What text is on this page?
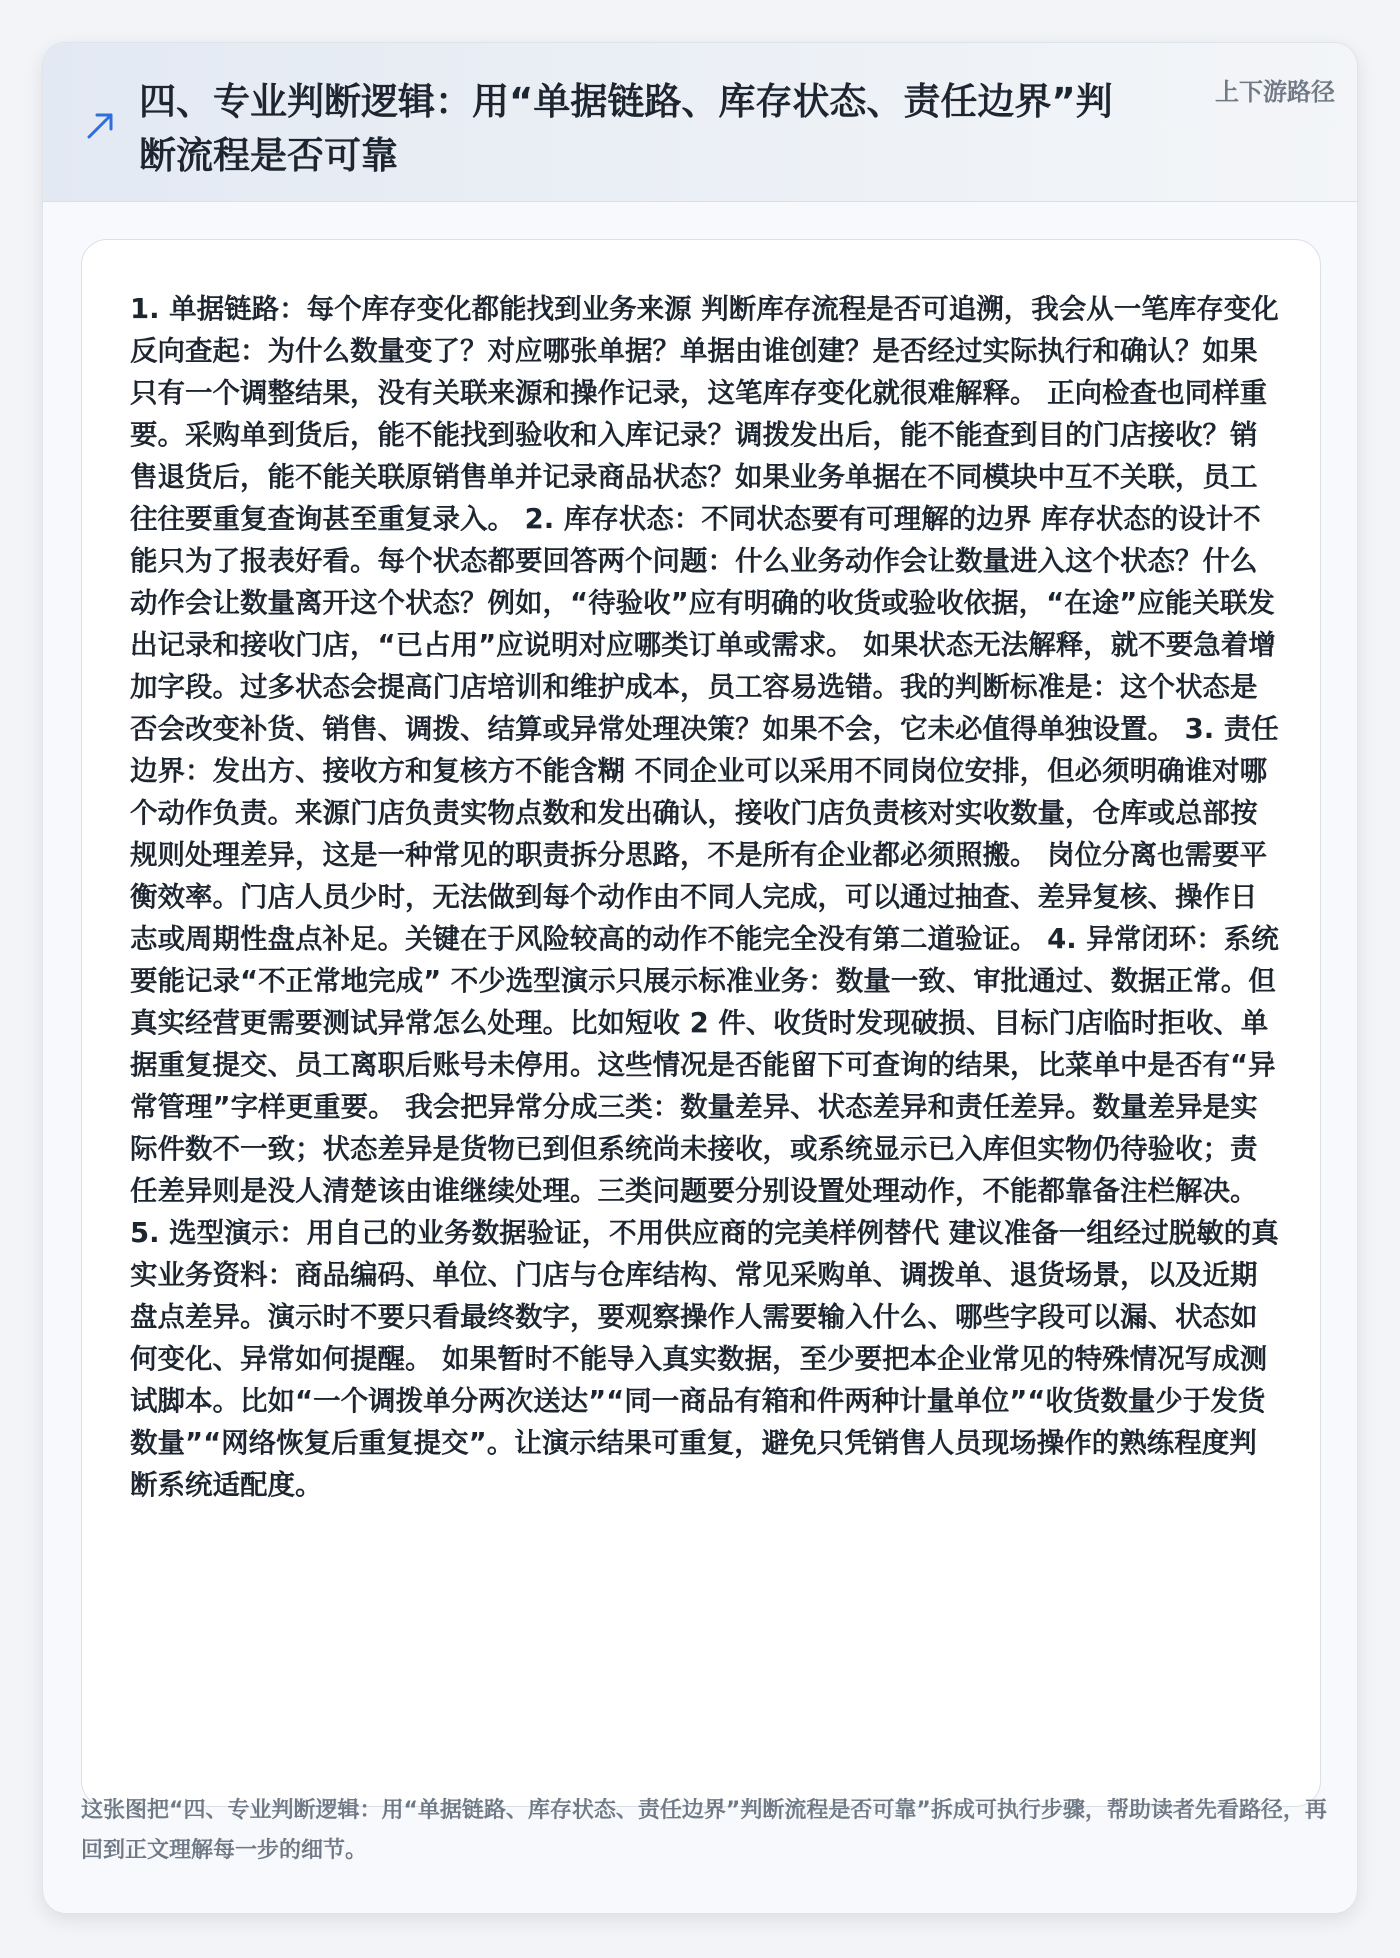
四、专业判断逻辑：用“单据链路、库存状态、责任边界”判断流程是否可靠
上下游路径

1. 单据链路：每个库存变化都能找到业务来源 判断库存流程是否可追溯，我会从一笔库存变化反向查起：为什么数量变了？对应哪张单据？单据由谁创建？是否经过实际执行和确认？如果只有一个调整结果，没有关联来源和操作记录，这笔库存变化就很难解释。 正向检查也同样重要。采购单到货后，能不能找到验收和入库记录？调拨发出后，能不能查到目的门店接收？销售退货后，能不能关联原销售单并记录商品状态？如果业务单据在不同模块中互不关联，员工往往要重复查询甚至重复录入。 2. 库存状态：不同状态要有可理解的边界 库存状态的设计不能只为了报表好看。每个状态都要回答两个问题：什么业务动作会让数量进入这个状态？什么动作会让数量离开这个状态？例如，“待验收”应有明确的收货或验收依据，“在途”应能关联发出记录和接收门店，“已占用”应说明对应哪类订单或需求。 如果状态无法解释，就不要急着增加字段。过多状态会提高门店培训和维护成本，员工容易选错。我的判断标准是：这个状态是否会改变补货、销售、调拨、结算或异常处理决策？如果不会，它未必值得单独设置。 3. 责任边界：发出方、接收方和复核方不能含糊 不同企业可以采用不同岗位安排，但必须明确谁对哪个动作负责。来源门店负责实物点数和发出确认，接收门店负责核对实收数量，仓库或总部按规则处理差异，这是一种常见的职责拆分思路，不是所有企业都必须照搬。 岗位分离也需要平衡效率。门店人员少时，无法做到每个动作由不同人完成，可以通过抽查、差异复核、操作日志或周期性盘点补足。关键在于风险较高的动作不能完全没有第二道验证。 4. 异常闭环：系统要能记录“不正常地完成” 不少选型演示只展示标准业务：数量一致、审批通过、数据正常。但真实经营更需要测试异常怎么处理。比如短收 2 件、收货时发现破损、目标门店临时拒收、单据重复提交、员工离职后账号未停用。这些情况是否能留下可查询的结果，比菜单中是否有“异常管理”字样更重要。 我会把异常分成三类：数量差异、状态差异和责任差异。数量差异是实际件数不一致；状态差异是货物已到但系统尚未接收，或系统显示已入库但实物仍待验收；责任差异则是没人清楚该由谁继续处理。三类问题要分别设置处理动作，不能都靠备注栏解决。 5. 选型演示：用自己的业务数据验证，不用供应商的完美样例替代 建议准备一组经过脱敏的真实业务资料：商品编码、单位、门店与仓库结构、常见采购单、调拨单、退货场景，以及近期盘点差异。演示时不要只看最终数字，要观察操作人需要输入什么、哪些字段可以漏、状态如何变化、异常如何提醒。 如果暂时不能导入真实数据，至少要把本企业常见的特殊情况写成测试脚本。比如“一个调拨单分两次送达”“同一商品有箱和件两种计量单位”“收货数量少于发货数量”“网络恢复后重复提交”。让演示结果可重复，避免只凭销售人员现场操作的熟练程度判断系统适配度。

这张图把“四、专业判断逻辑：用“单据链路、库存状态、责任边界”判断流程是否可靠”拆成可执行步骤，帮助读者先看路径，再回到正文理解每一步的细节。
